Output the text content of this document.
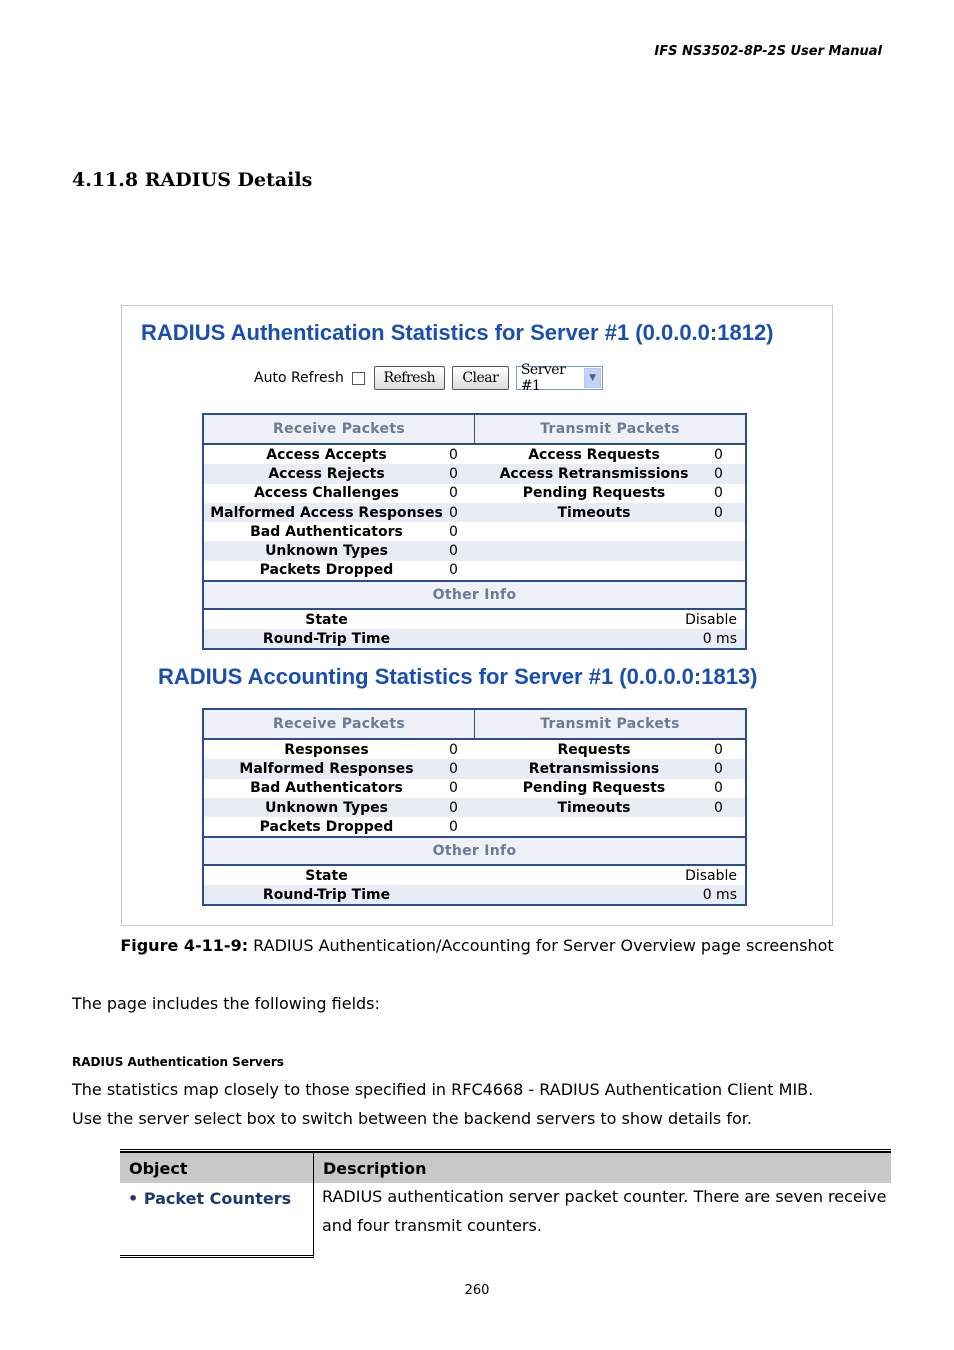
IFS NS3502-8P-2S User Manual
4.11.8 RADIUS Details
RADIUS Authentication Statistics for Server #1 (0.0.0.0:1812)
Auto Refresh	Refresh	Clear	Server #1	▼
Receive Packets	Transmit Packets
Access Accepts	0	Access Requests	0
Access Rejects	0	Access Retransmissions	0
Access Challenges	0	Pending Requests	0
Malformed Access Responses 0	Timeouts	0
Bad Authenticators	0
Unknown Types	0
Packets Dropped	0
Other Info
State	Disable
Round-Trip Time	0 ms
RADIUS Accounting Statistics for Server #1 (0.0.0.0:1813)
Receive Packets	Transmit Packets
Responses	0	Requests	0
Malformed Responses	0	Retransmissions	0
Bad Authenticators	0	Pending Requests	0
Unknown Types	0	Timeouts	0
Packets Dropped	0
Other Info
State	Disable
Round-Trip Time	0 ms
Figure 4-11-9: RADIUS Authentication/Accounting for Server Overview page screenshot
The page includes the following fields:
RADIUS Authentication Servers
The statistics map closely to those specified in RFC4668 - RADIUS Authentication Client MIB.
Use the server select box to switch between the backend servers to show details for.
Object	Description
• Packet Counters	RADIUS authentication server packet counter. There are seven receive and four transmit counters.
260
